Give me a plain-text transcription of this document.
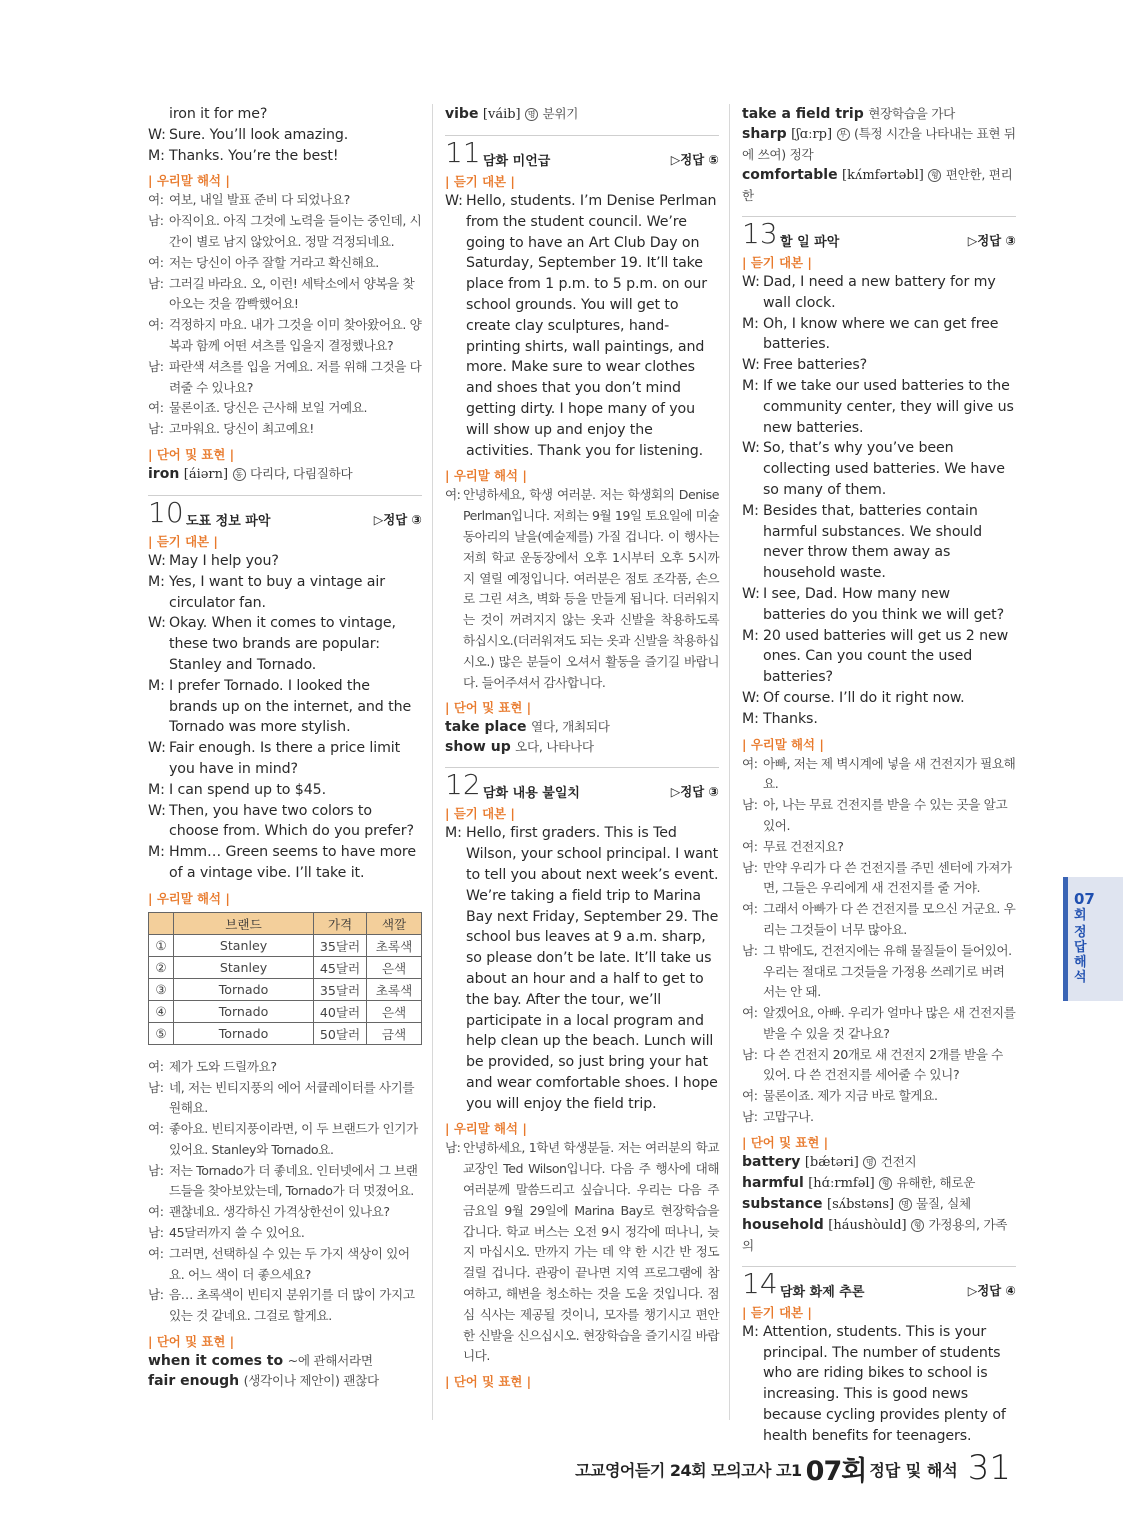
iron it for me?
W: Sure. You’ll look amazing.
M: Thanks. You’re the best!
| 우리말 해석 |
여: 여보, 내일 발표 준비 다 되었나요?
남: 아직이요. 아직 그것에 노력을 들이는 중인데, 시간이 별로 남지 않았어요. 정말 걱정되네요.
여: 저는 당신이 아주 잘할 거라고 확신해요.
남: 그러길 바라요. 오, 이런! 세탁소에서 양복을 찾아오는 것을 깜빡했어요!
여: 걱정하지 마요. 내가 그것을 이미 찾아왔어요. 양복과 함께 어떤 셔츠를 입을지 결정했나요?
남: 파란색 셔츠를 입을 거예요. 저를 위해 그것을 다려줄 수 있나요?
여: 물론이죠. 당신은 근사해 보일 거예요.
남: 고마워요. 당신이 최고예요!
| 단어 및 표현 |
iron [áiərn] 동 다리다, 다림질하다
10 도표 정보 파악	▷정답 ③
| 듣기 대본 |
W: May I help you?
M: Yes, I want to buy a vintage air circulator fan.
W: Okay. When it comes to vintage, these two brands are popular: Stanley and Tornado.
M: I prefer Tornado. I looked the brands up on the internet, and the Tornado was more stylish.
W: Fair enough. Is there a price limit you have in mind?
M: I can spend up to $45.
W: Then, you have two colors to choose from. Which do you prefer?
M: Hmm… Green seems to have more of a vintage vibe. I’ll take it.
| 우리말 해석 |
	브랜드	가격	색깔
①	Stanley	35달러	초록색
②	Stanley	45달러	은색
③	Tornado	35달러	초록색
④	Tornado	40달러	은색
⑤	Tornado	50달러	금색
여: 제가 도와 드릴까요?
남: 네, 저는 빈티지풍의 에어 서큘레이터를 사기를 원해요.
여: 좋아요. 빈티지풍이라면, 이 두 브랜드가 인기가 있어요. Stanley와 Tornado요.
남: 저는 Tornado가 더 좋네요. 인터넷에서 그 브랜드들을 찾아보았는데, Tornado가 더 멋졌어요.
여: 괜찮네요. 생각하신 가격상한선이 있나요?
남: 45달러까지 쓸 수 있어요.
여: 그러면, 선택하실 수 있는 두 가지 색상이 있어요. 어느 색이 더 좋으세요?
남: 음… 초록색이 빈티지 분위기를 더 많이 가지고 있는 것 같네요. 그걸로 할게요.
| 단어 및 표현 |
when it comes to ~에 관해서라면
fair enough (생각이나 제안이) 괜찮다
vibe [váib] 명 분위기
11 담화 미언급	▷정답 ⑤
| 듣기 대본 |
W: Hello, students. I’m Denise Perlman from the student council. We’re going to have an Art Club Day on Saturday, September 19. It’ll take place from 1 p.m. to 5 p.m. on our school grounds. You will get to create clay sculptures, hand-printing shirts, wall paintings, and more. Make sure to wear clothes and shoes that you don’t mind getting dirty. I hope many of you will show up and enjoy the activities. Thank you for listening.
| 우리말 해석 |
여: 안녕하세요, 학생 여러분. 저는 학생회의 Denise Perlman입니다. 저희는 9월 19일 토요일에 미술 동아리의 날을(예술제를) 가질 겁니다. 이 행사는 저희 학교 운동장에서 오후 1시부터 오후 5시까지 열릴 예정입니다. 여러분은 점토 조각품, 손으로 그린 셔츠, 벽화 등을 만들게 됩니다. 더러워지는 것이 꺼려지지 않는 옷과 신발을 착용하도록 하십시오.(더러워져도 되는 옷과 신발을 착용하십시오.) 많은 분들이 오셔서 활동을 즐기길 바랍니다. 들어주셔서 감사합니다.
| 단어 및 표현 |
take place 열다, 개최되다
show up 오다, 나타나다
12 담화 내용 불일치	▷정답 ③
| 듣기 대본 |
M: Hello, first graders. This is Ted Wilson, your school principal. I want to tell you about next week’s event. We’re taking a field trip to Marina Bay next Friday, September 29. The school bus leaves at 9 a.m. sharp, so please don’t be late. It’ll take us about an hour and a half to get to the bay. After the tour, we’ll participate in a local program and help clean up the beach. Lunch will be provided, so just bring your hat and wear comfortable shoes. I hope you will enjoy the field trip.
| 우리말 해석 |
남: 안녕하세요, 1학년 학생분들. 저는 여러분의 학교 교장인 Ted Wilson입니다. 다음 주 행사에 대해 여러분께 말씀드리고 싶습니다. 우리는 다음 주 금요일 9월 29일에 Marina Bay로 현장학습을 갑니다. 학교 버스는 오전 9시 정각에 떠나니, 늦지 마십시오. 만까지 가는 데 약 한 시간 반 정도 걸릴 겁니다. 관광이 끝나면 지역 프로그램에 참여하고, 해변을 청소하는 것을 도울 것입니다. 점심 식사는 제공될 것이니, 모자를 챙기시고 편안한 신발을 신으십시오. 현장학습을 즐기시길 바랍니다.
| 단어 및 표현 |
take a field trip 현장학습을 가다
sharp [ʃɑːrp] 부 (특정 시간을 나타내는 표현 뒤에 쓰여) 정각
comfortable [kʌ́mfərtəbl] 형 편안한, 편리한
13 할 일 파악	▷정답 ③
| 듣기 대본 |
W: Dad, I need a new battery for my wall clock.
M: Oh, I know where we can get free batteries.
W: Free batteries?
M: If we take our used batteries to the community center, they will give us new batteries.
W: So, that’s why you’ve been collecting used batteries. We have so many of them.
M: Besides that, batteries contain harmful substances. We should never throw them away as household waste.
W: I see, Dad. How many new batteries do you think we will get?
M: 20 used batteries will get us 2 new ones. Can you count the used batteries?
W: Of course. I’ll do it right now.
M: Thanks.
| 우리말 해석 |
여: 아빠, 저는 제 벽시계에 넣을 새 건전지가 필요해요.
남: 아, 나는 무료 건전지를 받을 수 있는 곳을 알고 있어.
여: 무료 건전지요?
남: 만약 우리가 다 쓴 건전지를 주민 센터에 가져가면, 그들은 우리에게 새 건전지를 줄 거야.
여: 그래서 아빠가 다 쓴 건전지를 모으신 거군요. 우리는 그것들이 너무 많아요.
남: 그 밖에도, 건전지에는 유해 물질들이 들어있어. 우리는 절대로 그것들을 가정용 쓰레기로 버려서는 안 돼.
여: 알겠어요, 아빠. 우리가 얼마나 많은 새 건전지를 받을 수 있을 것 같나요?
남: 다 쓴 건전지 20개로 새 건전지 2개를 받을 수 있어. 다 쓴 건전지를 세어줄 수 있니?
여: 물론이죠. 제가 지금 바로 할게요.
남: 고맙구나.
| 단어 및 표현 |
battery [bǽtəri] 명 건전지
harmful [hɑ́ːrmfəl] 형 유해한, 해로운
substance [sʌ́bstəns] 명 물질, 실체
household [háushòuld] 형 가정용의, 가족의
14 담화 화제 추론	▷정답 ④
| 듣기 대본 |
M: Attention, students. This is your principal. The number of students who are riding bikes to school is increasing. This is good news because cycling provides plenty of health benefits for teenagers.
07
회
정답해석
고교영어듣기 24회 모의고사 고1 07회 정답 및 해석 31
